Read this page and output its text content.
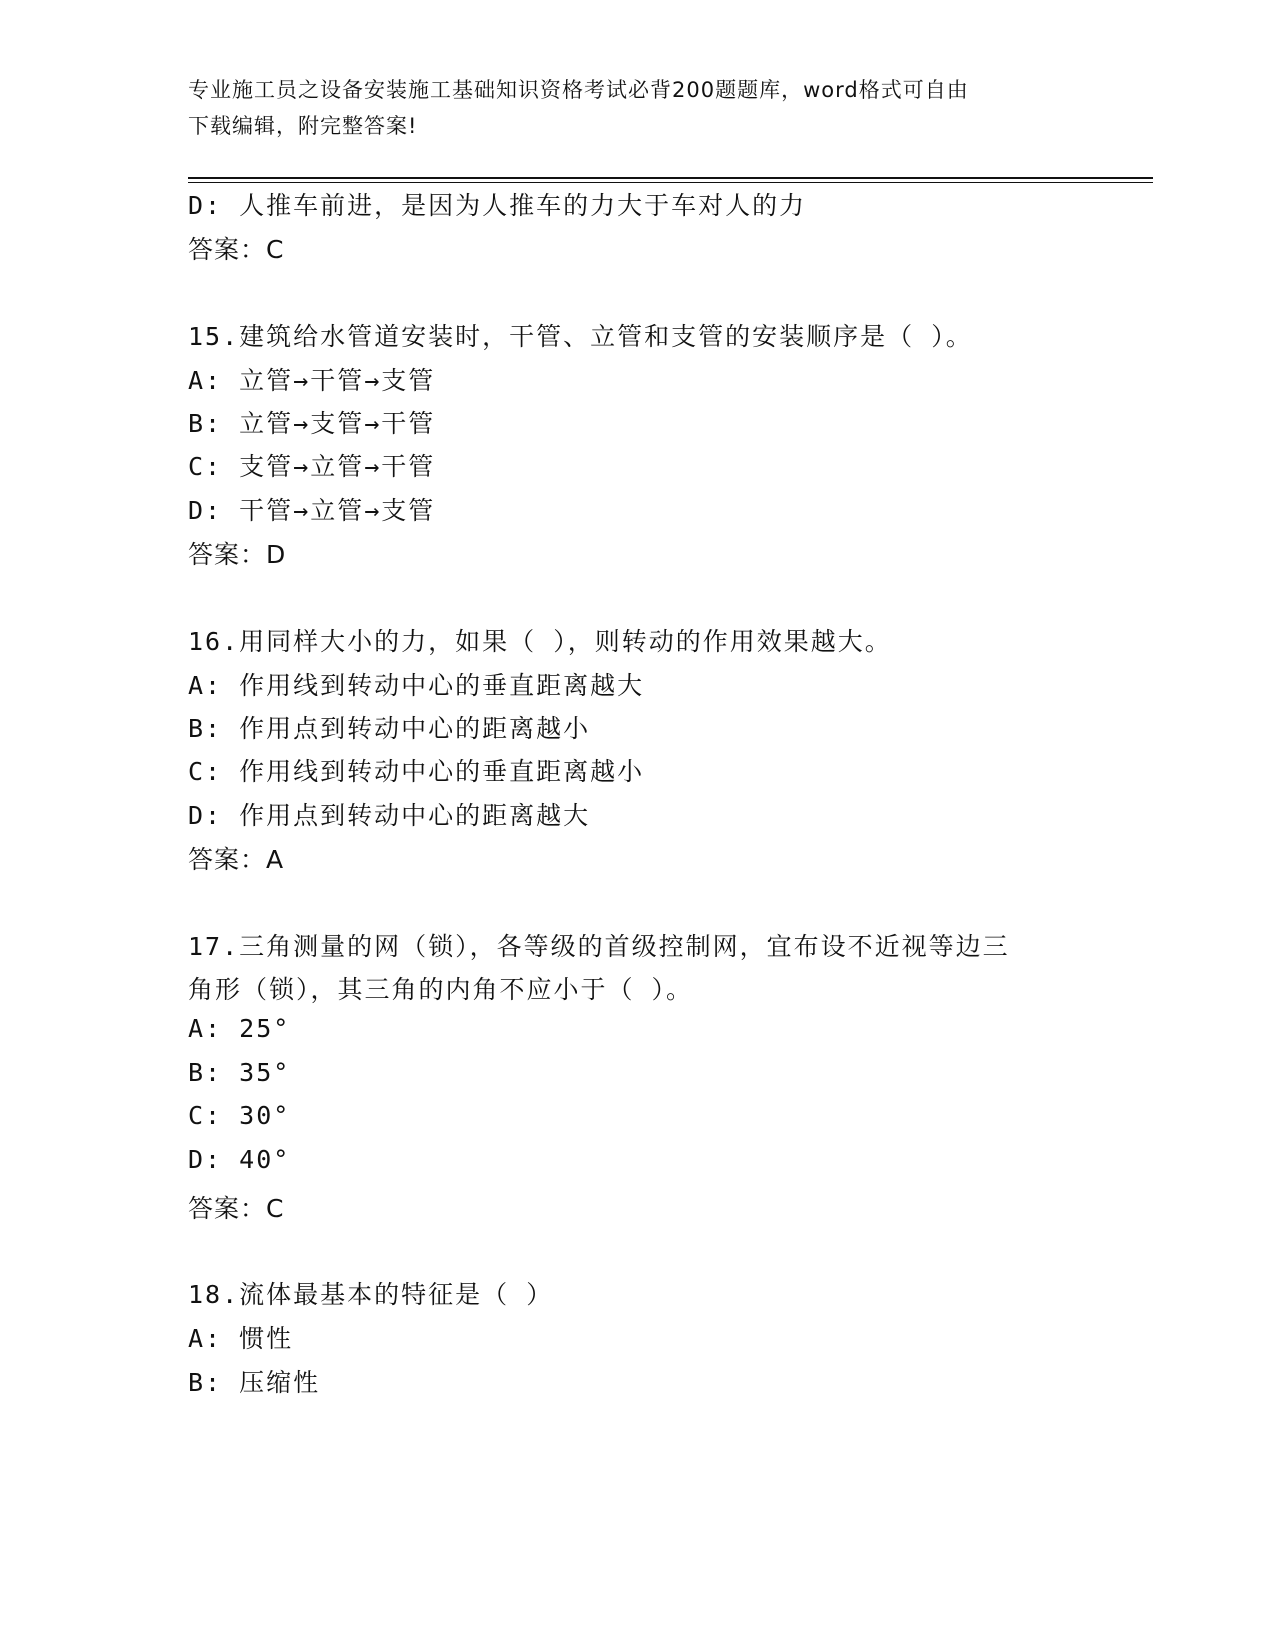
专业施工员之设备安装施工基础知识资格考试必背200题题库，word格式可自由
下载编辑，附完整答案!
D: 人推车前进，是因为人推车的力大于车对人的力
答案：C
15.建筑给水管道安装时，干管、立管和支管的安装顺序是（ ）。
A: 立管→干管→支管
B: 立管→支管→干管
C: 支管→立管→干管
D: 干管→立管→支管
答案：D
16.用同样大小的力，如果（ ），则转动的作用效果越大。
A: 作用线到转动中心的垂直距离越大
B: 作用点到转动中心的距离越小
C: 作用线到转动中心的垂直距离越小
D: 作用点到转动中心的距离越大
答案：A
17.三角测量的网（锁），各等级的首级控制网，宜布设不近视等边三
角形（锁），其三角的内角不应小于（ ）。
A: 25°
B: 35°
C: 30°
D: 40°
答案：C
18.流体最基本的特征是（ ）
A: 惯性
B: 压缩性
